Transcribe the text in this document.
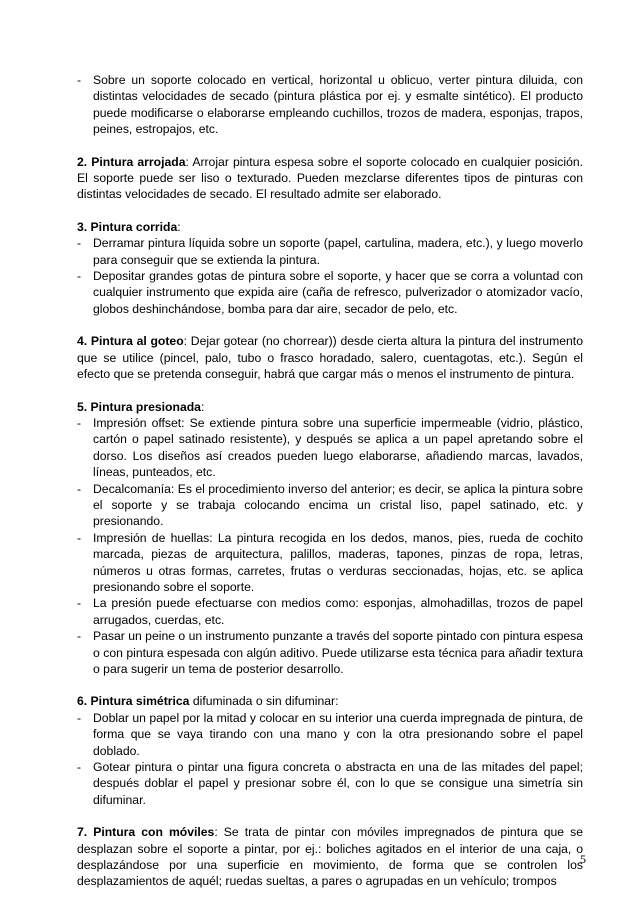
- Sobre un soporte colocado en vertical, horizontal u oblicuo, verter pintura diluida, con distintas velocidades de secado (pintura plástica por ej. y esmalte sintético). El producto puede modificarse o elaborarse empleando cuchillos, trozos de madera, esponjas, trapos, peines, estropajos, etc.
2. Pintura arrojada: Arrojar pintura espesa sobre el soporte colocado en cualquier posición. El soporte puede ser liso o texturado. Pueden mezclarse diferentes tipos de pinturas con distintas velocidades de secado. El resultado admite ser elaborado.
3. Pintura corrida:
- Derramar pintura líquida sobre un soporte (papel, cartulina, madera, etc.), y luego moverlo para conseguir que se extienda la pintura.
- Depositar grandes gotas de pintura sobre el soporte, y hacer que se corra a voluntad con cualquier instrumento que expida aire (caña de refresco, pulverizador o atomizador vacío, globos deshinchándose, bomba para dar aire, secador de pelo, etc.
4. Pintura al goteo: Dejar gotear (no chorrear)) desde cierta altura la pintura del instrumento que se utilice (pincel, palo, tubo o frasco horadado, salero, cuentagotas, etc.). Según el efecto que se pretenda conseguir, habrá que cargar más o menos el instrumento de pintura.
5. Pintura presionada:
- Impresión offset: Se extiende pintura sobre una superficie impermeable (vidrio, plástico, cartón o papel satinado resistente), y después se aplica a un papel apretando sobre el dorso. Los diseños así creados pueden luego elaborarse, añadiendo marcas, lavados, líneas, punteados, etc.
- Decalcomanía: Es el procedimiento inverso del anterior; es decir, se aplica la pintura sobre el soporte y se trabaja colocando encima un cristal liso, papel satinado, etc. y presionando.
- Impresión de huellas: La pintura recogida en los dedos, manos, pies, rueda de cochito marcada, piezas de arquitectura, palillos, maderas, tapones, pinzas de ropa, letras, números u otras formas, carretes, frutas o verduras seccionadas, hojas, etc. se aplica presionando sobre el soporte.
- La presión puede efectuarse con medios como: esponjas, almohadillas, trozos de papel arrugados, cuerdas, etc.
- Pasar un peine o un instrumento punzante a través del soporte pintado con pintura espesa o con pintura espesada con algún aditivo. Puede utilizarse esta técnica para añadir textura o para sugerir un tema de posterior desarrollo.
6. Pintura simétrica difuminada o sin difuminar:
- Doblar un papel por la mitad y colocar en su interior una cuerda impregnada de pintura, de forma que se vaya tirando con una mano y con la otra presionando sobre el papel doblado.
- Gotear pintura o pintar una figura concreta o abstracta en una de las mitades del papel; después doblar el papel y presionar sobre él, con lo que se consigue una simetría sin difuminar.
7. Pintura con móviles: Se trata de pintar con móviles impregnados de pintura que se desplazan sobre el soporte a pintar, por ej.: boliches agitados en el interior de una caja, o desplazándose por una superficie en movimiento, de forma que se controlen los desplazamientos de aquél; ruedas sueltas, a pares o agrupadas en un vehículo; trompos
5
